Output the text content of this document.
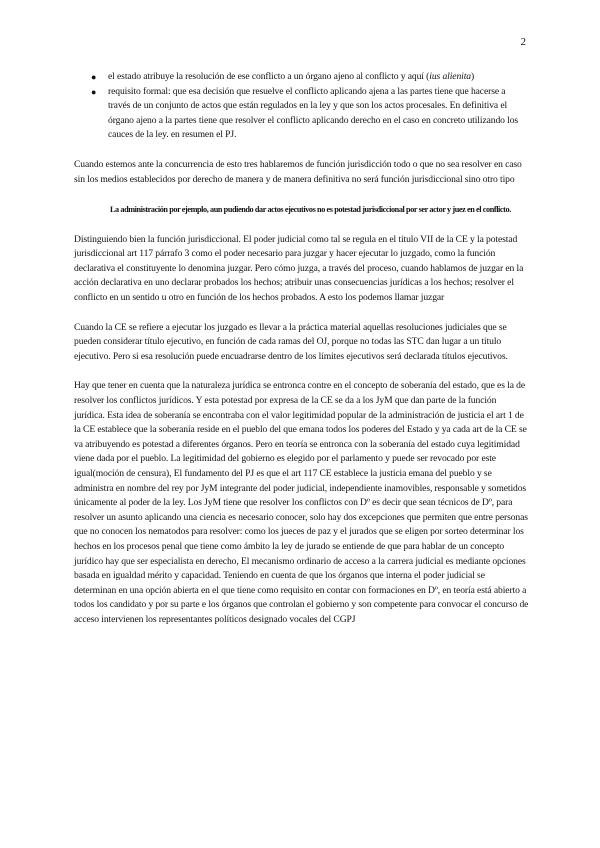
2
● el estado atribuye la resolución de ese conflicto a un órgano ajeno al conflicto y aquí (ius alienita)
● requisito formal: que esa decisión que resuelve el conflicto aplicando ajena a las partes tiene que hacerse a través de un conjunto de actos que están regulados en la ley y que son los actos procesales. En definitiva el órgano ajeno a la partes tiene que resolver el conflicto aplicando derecho en el caso en concreto utilizando los cauces de la ley. en resumen el PJ.

Cuando estemos ante la concurrencia de esto tres hablaremos de función jurisdicción todo o que no sea resolver en caso sin los medios establecidos por derecho de manera y de manera definitiva no será función jurisdiccional sino otro tipo

La administración por ejemplo, aun pudiendo dar actos ejecutivos no es potestad jurisdiccional por ser actor y juez en el conflicto.

Distinguiendo bien la función jurisdiccional. El poder judicial como tal se regula en el título VII de la CE y la potestad jurisdiccional art 117 párrafo 3 como el poder necesario para juzgar y hacer ejecutar lo juzgado, como la función declarativa el constituyente lo denomina juzgar. Pero cómo juzga, a través del proceso, cuando hablamos de juzgar en la acción declarativa en uno declarar probados los hechos; atribuir unas consecuencias jurídicas a los hechos; resolver el conflicto en un sentido u otro en función de los hechos probados. A esto los podemos llamar juzgar

Cuando la CE se refiere a ejecutar los juzgado es llevar a la práctica material aquellas resoluciones judiciales que se pueden considerar título ejecutivo, en función de cada ramas del OJ, porque no todas las STC dan lugar a un título ejecutivo. Pero si esa resolución puede encuadrarse dentro de los límites ejecutivos será declarada títulos ejecutivos.

Hay que tener en cuenta que la naturaleza jurídica se entronca contre en el concepto de soberanía del estado, que es la de resolver los conflictos jurídicos. Y esta potestad por expresa de la CE se da a los JyM que dan parte de la función jurídica. Esta idea de soberanía se encontraba con el valor legitimidad popular de la administración de justicia el art 1 de la CE establece que la soberanía reside en el pueblo del que emana todos los poderes del Estado y ya cada art de la CE se va atribuyendo es potestad a diferentes órganos. Pero en teoría se entronca con la soberanía del estado cuya legitimidad viene dada por el pueblo. La legitimidad del gobierno es elegido por el parlamento y puede ser revocado por este igual(moción de censura), El fundamento del PJ es que el art 117 CE establece la justicia emana del pueblo y se administra en nombre del rey por JyM integrante del poder judicial, independiente inamovibles, responsable y sometidos únicamente al poder de la ley. Los JyM tiene que resolver los conflictos con Dº es decir que sean técnicos de Dº, para resolver un asunto aplicando una ciencia es necesario conocer, solo hay dos excepciones que permiten que entre personas que no conocen los nematodos para resolver: como los jueces de paz y el jurados que se eligen por sorteo determinar los hechos en los procesos penal que tiene como ámbito la ley de jurado se entiende de que para hablar de un concepto jurídico hay que ser especialista en derecho, El mecanismo ordinario de acceso a la carrera judicial es mediante opciones basada en igualdad mérito y capacidad. Teniendo en cuenta de que los órganos que interna el poder judicial se determinan en una opción abierta en el que tiene como requisito en contar con formaciones en Dº, en teoría está abierto a todos los candidato y por su parte e los órganos que controlan el gobierno y son competente para convocar el concurso de acceso intervienen los representantes políticos designado vocales del CGPJ
